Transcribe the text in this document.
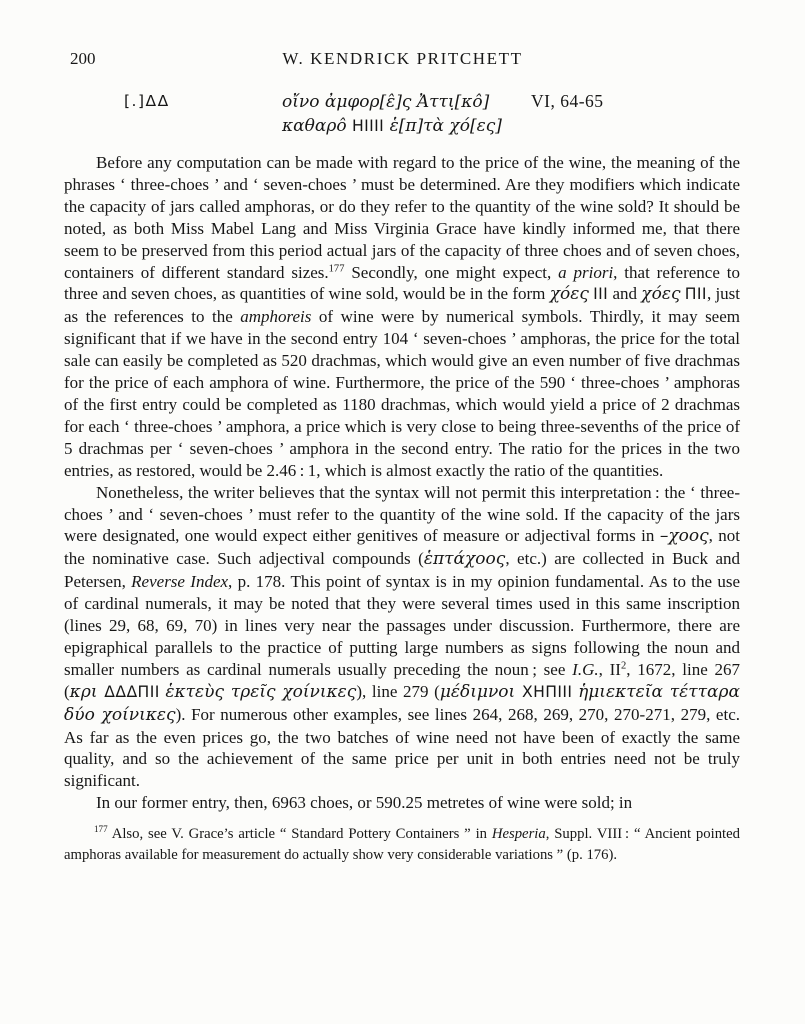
200	W. KENDRICK PRITCHETT
[.]ΔΔ	οἴνο ἀμφορ[ε̂]ς Ἀττι̣[κο̂]
καθαρο̂ HIIII ἑ[π]τὰ χό[ες]
VI, 64-65

Before any computation can be made with regard to the price of the wine, the meaning of the phrases ‘ three-choes ’ and ‘ seven-choes ’ must be determined. Are they modifiers which indicate the capacity of jars called amphoras, or do they refer to the quantity of the wine sold? It should be noted, as both Miss Mabel Lang and Miss Virginia Grace have kindly informed me, that there seem to be preserved from this period actual jars of the capacity of three choes and of seven choes, containers of different standard sizes.$^{177}$ Secondly, one might expect, a priori, that reference to three and seven choes, as quantities of wine sold, would be in the form χόες III and χόες ΠII, just as the references to the amphoreis of wine were by numerical symbols. Thirdly, it may seem significant that if we have in the second entry 104 ‘ seven-choes ’ amphoras, the price for the total sale can easily be completed as 520 drachmas, which would give an even number of five drachmas for the price of each amphora of wine. Furthermore, the price of the 590 ‘ three-choes ’ amphoras of the first entry could be completed as 1180 drachmas, which would yield a price of 2 drachmas for each ‘ three-choes ’ amphora, a price which is very close to being three-sevenths of the price of 5 drachmas per ‘ seven-choes ’ amphora in the second entry. The ratio for the prices in the two entries, as restored, would be 2.46 : 1, which is almost exactly the ratio of the quantities.

Nonetheless, the writer believes that the syntax will not permit this interpretation : the ‘ three-choes ’ and ‘ seven-choes ’ must refer to the quantity of the wine sold. If the capacity of the jars were designated, one would expect either genitives of measure or adjectival forms in –χοος, not the nominative case. Such adjectival compounds (ἑπτάχοος, etc.) are collected in Buck and Petersen, Reverse Index, p. 178. This point of syntax is in my opinion fundamental. As to the use of cardinal numerals, it may be noted that they were several times used in this same inscription (lines 29, 68, 69, 70) in lines very near the passages under discussion. Furthermore, there are epigraphical parallels to the practice of putting large numbers as signs following the noun and smaller numbers as cardinal numerals usually preceding the noun ; see I.G., $II^2$, 1672, line 267 (κρι ΔΔΔΠII ἑκτεὺς τρεῖς χοίνικες), line 279 (μέδιμνοι XHΠIII ἡμιεκτεῖα τέτταρα δύο χοίνικες). For numerous other examples, see lines 264, 268, 269, 270, 270-271, 279, etc. As far as the even prices go, the two batches of wine need not have been of exactly the same quality, and so the achievement of the same price per unit in both entries need not be truly significant.

In our former entry, then, 6963 choes, or 590.25 metretes of wine were sold; in

$^{177}$ Also, see V. Grace’s article “ Standard Pottery Containers ” in Hesperia, Suppl. VIII : “ Ancient pointed amphoras available for measurement do actually show very considerable variations ” (p. 176).
